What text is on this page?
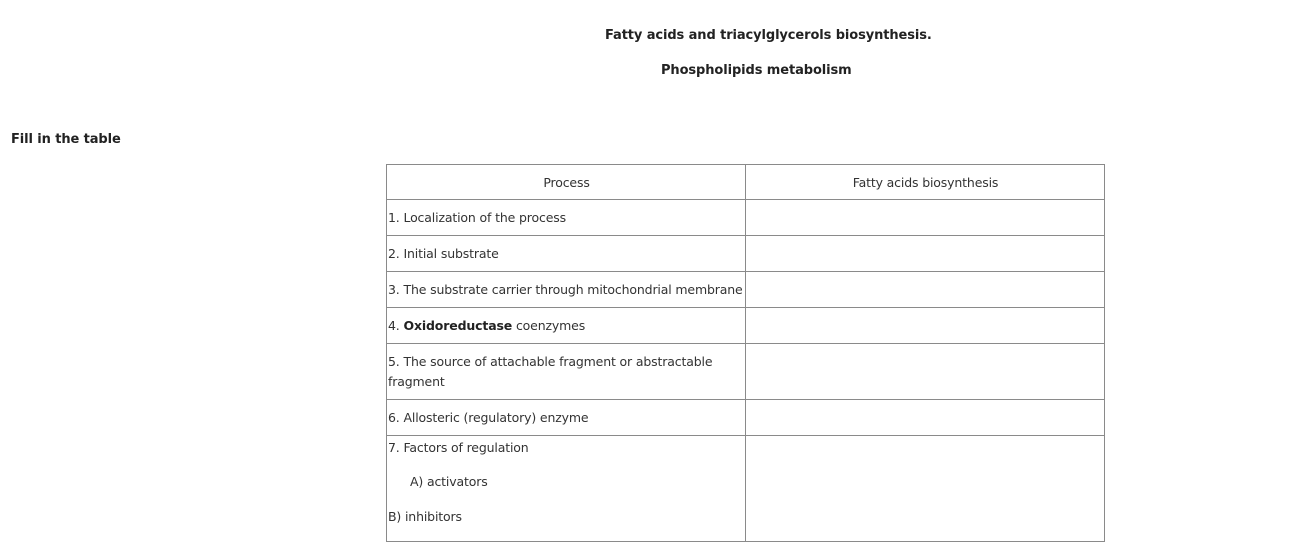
Fatty acids and triacylglycerols biosynthesis.
Phospholipids metabolism
Fill in the table
Process	Fatty acids biosynthesis
1. Localization of the process	
2. Initial substrate	
3. The substrate carrier through mitochondrial membrane	
4. Oxidoreductase coenzymes	
5. The source of attachable fragment or abstractable fragment	
6. Allosteric (regulatory) enzyme	

7. Factors of regulation
A) activators
B) inhibitors	
